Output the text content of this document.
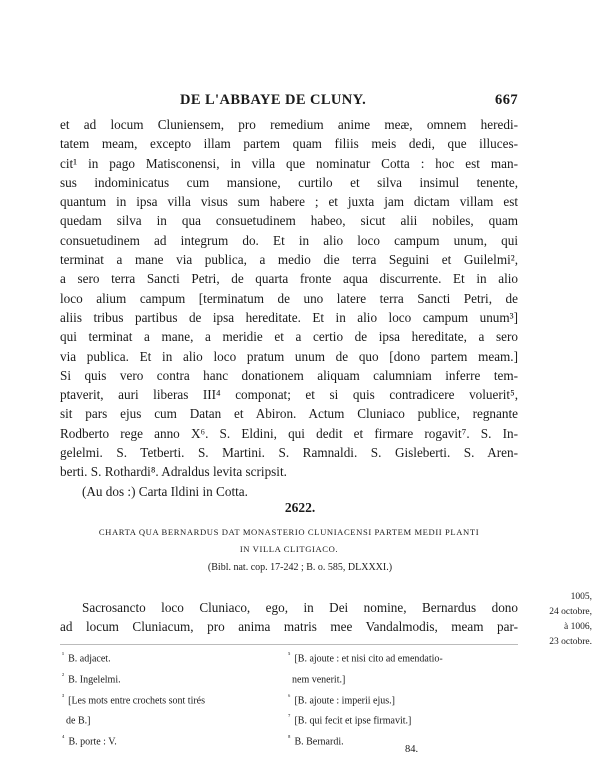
DE L'ABBAYE DE CLUNY.	667
et ad locum Cluniensem, pro remedium anime meæ, omnem heredi-
tatem meam, excepto illam partem quam filiis meis dedi, que illuces-
cit¹ in pago Matisconensi, in villa que nominatur Cotta : hoc est man-
sus indominicatus cum mansione, curtilo et silva insimul tenente,
quantum in ipsa villa visus sum habere ; et juxta jam dictam villam est
quedam silva in qua consuetudinem habeo, sicut alii nobiles, quam
consuetudinem ad integrum do. Et in alio loco campum unum, qui
terminat a mane via publica, a medio die terra Seguini et Guilelmi²,
a sero terra Sancti Petri, de quarta fronte aqua discurrente. Et in alio
loco alium campum [terminatum de uno latere terra Sancti Petri, de
aliis tribus partibus de ipsa hereditate. Et in alio loco campum unum³]
qui terminat a mane, a meridie et a certio de ipsa hereditate, a sero
via publica. Et in alio loco pratum unum de quo [dono partem meam.]
Si quis vero contra hanc donationem aliquam calumniam inferre tem-
ptaverit, auri liberas III⁴ componat; et si quis contradicere voluerit⁵,
sit pars ejus cum Datan et Abiron. Actum Cluniaco publice, regnante
Rodberto rege anno X⁶. S. Eldini, qui dedit et firmare rogavit⁷. S. In-
gelelmi. S. Tetberti. S. Martini. S. Ramnaldi. S. Gisleberti. S. Aren-
berti. S. Rothardi⁸. Adraldus levita scripsit.
(Au dos :) Carta Ildini in Cotta.
2622.
CHARTA QUA BERNARDUS DAT MONASTERIO CLUNIACENSI PARTEM MEDII PLANTI
IN VILLA CLITGIACO.
(Bibl. nat. cop. 17-242 ; B. o. 585, DLXXXI.)
Sacrosancto loco Cluniaco, ego, in Dei nomine, Bernardus dono
ad locum Cluniacum, pro anima matris mee Vandalmodis, meam par-
1005,
24 octobre,
à 1006,
23 octobre.
$^{^1}$ B. adjacet.
$^{^2}$ B. Ingelelmi.
$^{^3}$ [Les mots entre crochets sont tirés
de B.]
$^{^4}$ B. porte : V.
$^{^5}$ [B. ajoute : et nisi cito ad emendatio-
nem venerit.]
$^{^6}$ [B. ajoute : imperii ejus.]
$^{^7}$ [B. qui fecit et ipse firmavit.]
$^{^8}$ B. Bernardi.
84.
